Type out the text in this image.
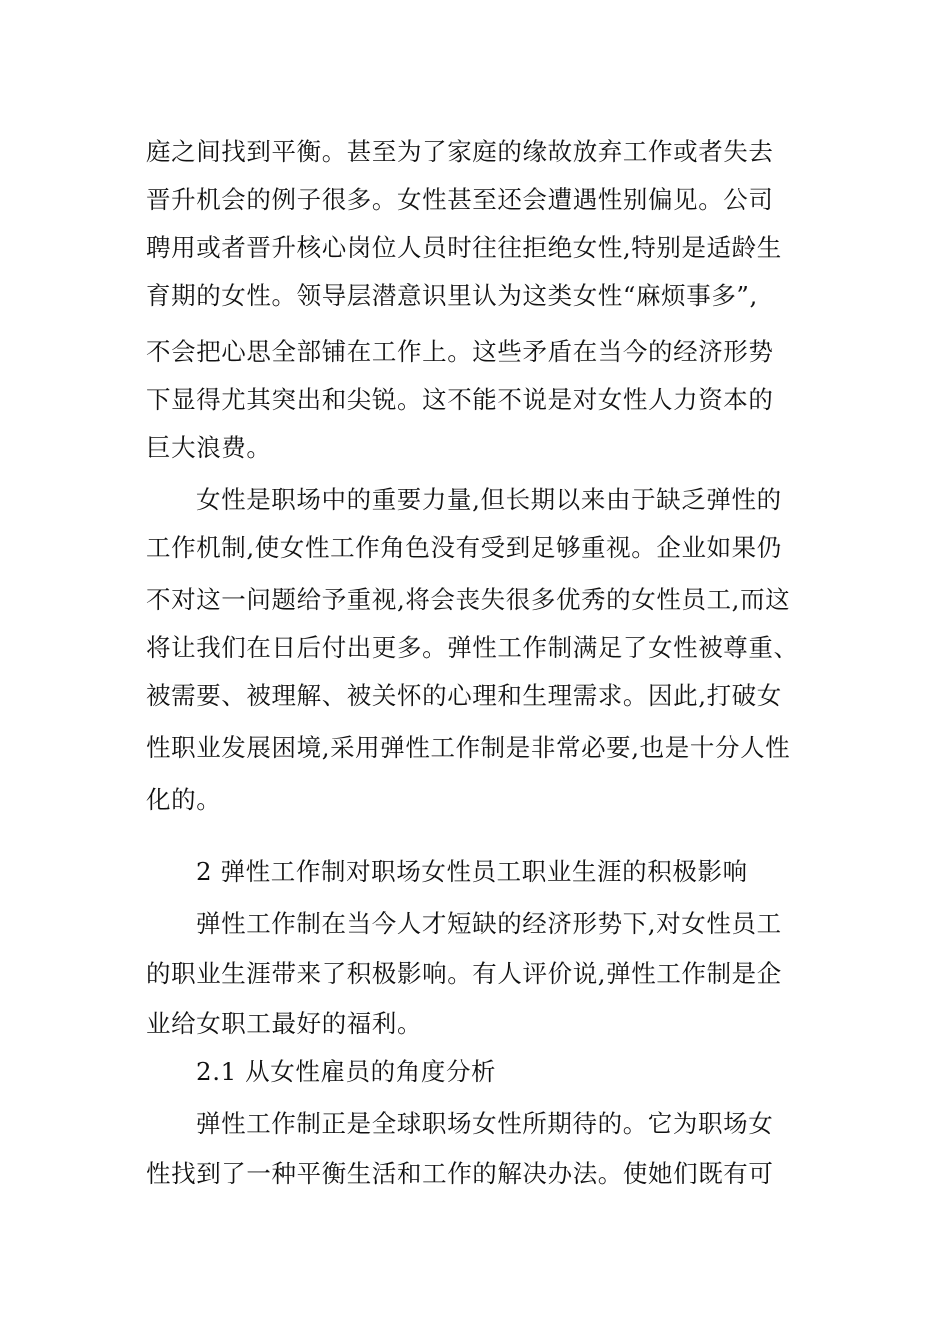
庭之间找到平衡。甚至为了家庭的缘故放弃工作或者失去
晋升机会的例子很多。女性甚至还会遭遇性别偏见。公司
聘用或者晋升核心岗位人员时往往拒绝女性,特别是适龄生
育期的女性。领导层潜意识里认为这类女性“麻烦事多”,
不会把心思全部铺在工作上。这些矛盾在当今的经济形势
下显得尤其突出和尖锐。这不能不说是对女性人力资本的
巨大浪费。
女性是职场中的重要力量,但长期以来由于缺乏弹性的
工作机制,使女性工作角色没有受到足够重视。企业如果仍
不对这一问题给予重视,将会丧失很多优秀的女性员工,而这
将让我们在日后付出更多。弹性工作制满足了女性被尊重、
被需要、被理解、被关怀的心理和生理需求。因此,打破女
性职业发展困境,采用弹性工作制是非常必要,也是十分人性
化的。
2 弹性工作制对职场女性员工职业生涯的积极影响
弹性工作制在当今人才短缺的经济形势下,对女性员工
的职业生涯带来了积极影响。有人评价说,弹性工作制是企
业给女职工最好的福利。
2.1 从女性雇员的角度分析
弹性工作制正是全球职场女性所期待的。它为职场女
性找到了一种平衡生活和工作的解决办法。使她们既有可
